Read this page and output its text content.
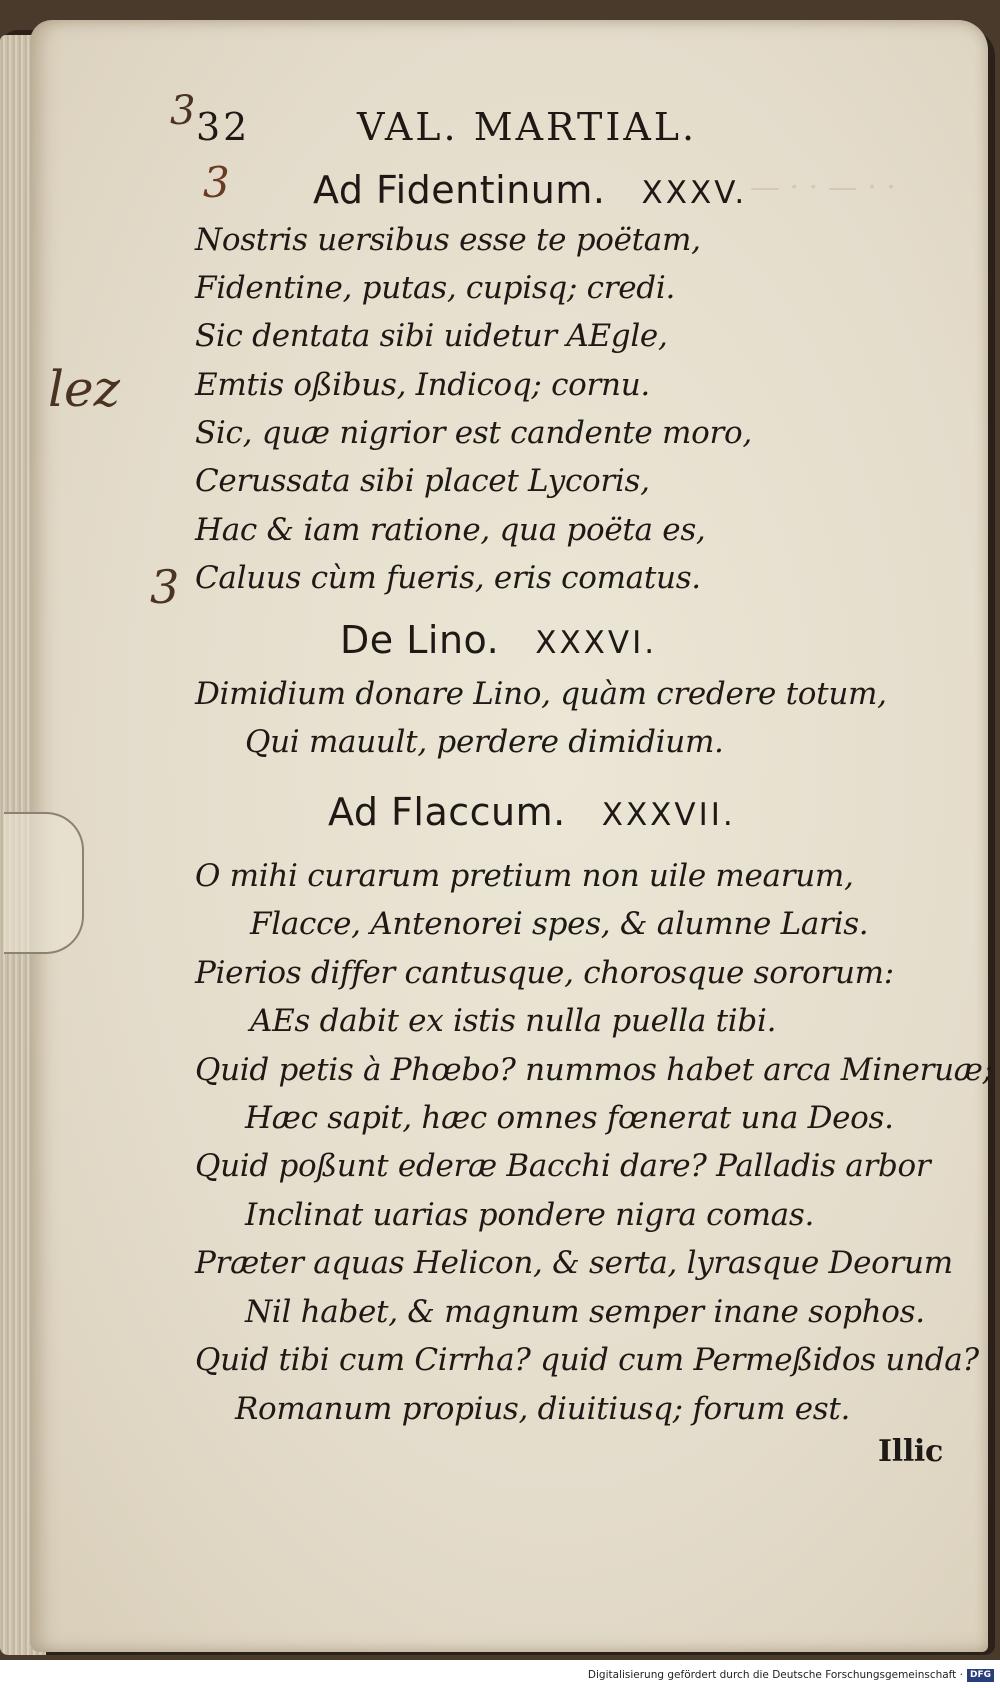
— · · — · ·
32	VAL. MARTIAL.
Ad Fidentinum. XXXV.
Nostris uersibus esse te poëtam,
Fidentine, putas, cupisq; credi.
Sic dentata sibi uidetur AEgle,
Emtis oßibus, Indicoq; cornu.
Sic, quæ nigrior est candente moro,
Cerussata sibi placet Lycoris,
Hac & iam ratione, qua poëta es,
Caluus cùm fueris, eris comatus.
De Lino. XXXVI.
Dimidium donare Lino, quàm credere totum,
Qui mauult, perdere dimidium.
Ad Flaccum. XXXVII.
O mihi curarum pretium non uile mearum,
Flacce, Antenorei spes, & alumne Laris.
Pierios differ cantusque, chorosque sororum:
AEs dabit ex istis nulla puella tibi.
Quid petis à Phœbo? nummos habet arca Mineruæ;
Hæc sapit, hæc omnes fœnerat una Deos.
Quid poßunt ederæ Bacchi dare? Palladis arbor
Inclinat uarias pondere nigra comas.
Præter aquas Helicon, & serta, lyrasque Deorum
Nil habet, & magnum semper inane sophos.
Quid tibi cum Cirrha? quid cum Permeßidos unda?
Romanum propius, diuitiusq; forum est.
Illic
3
lez
3
3
Digitalisierung gefördert durch die Deutsche Forschungsgemeinschaft · DFG
